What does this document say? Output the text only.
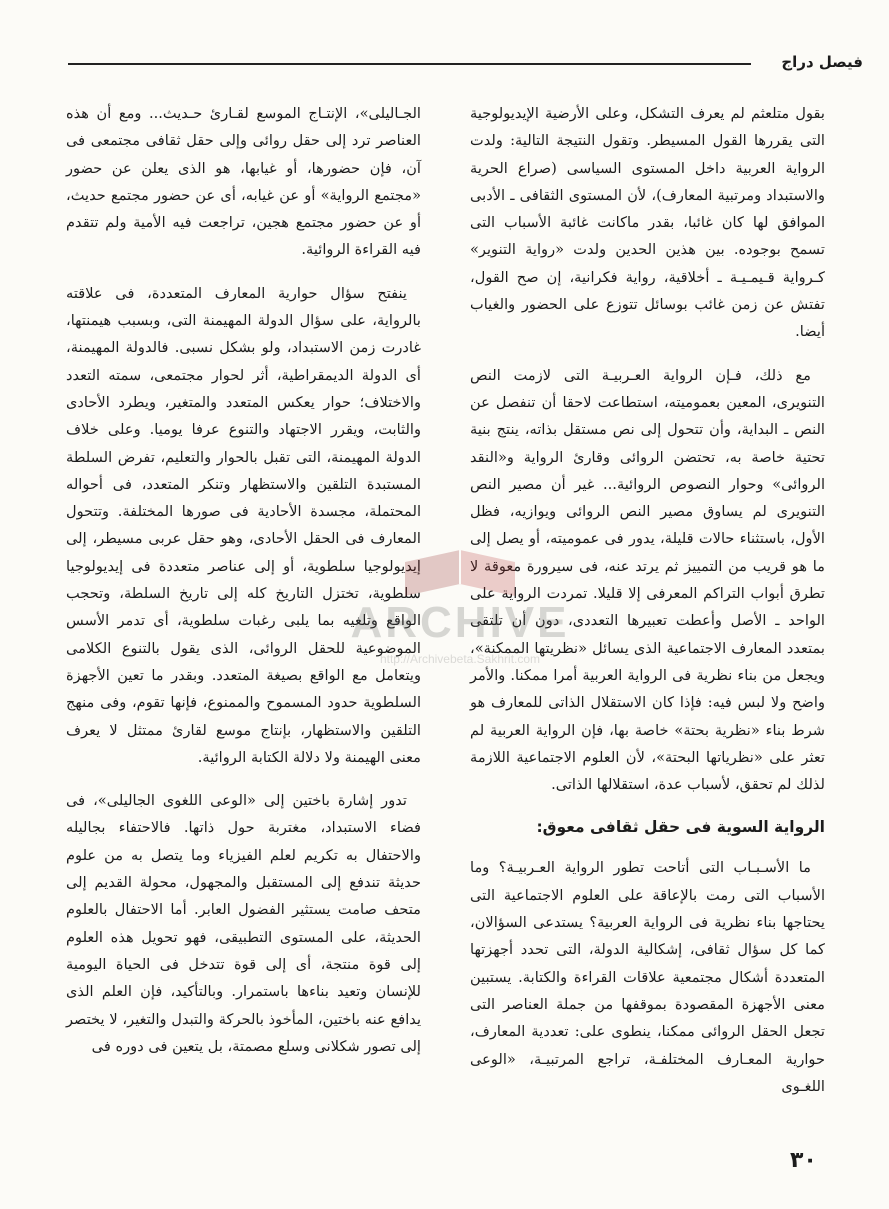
فيصل دراج

بقول متلعثم لم يعرف التشكل، وعلى الأرضية الإيديولوجية التى يقررها القول المسيطر. وتقول النتيجة التالية: ولدت الرواية العربية داخل المستوى السياسى (صراع الحرية والاستبداد ومرتبية المعارف)، لأن المستوى الثقافى ـ الأدبى الموافق لها كان غائبا، بقدر ماكانت غائبة الأسباب التى تسمح بوجوده. بين هذين الحدين ولدت «رواية التنوير» كـرواية قـيمـيـة ـ أخلاقية، رواية فكرانية، إن صح القول، تفتش عن زمن غائب بوسائل تتوزع على الحضور والغياب أيضا.

مع ذلك، فـإن الرواية العـربيـة التى لازمت النص التنويرى، المعين بعموميته، استطاعت لاحقا أن تنفصل عن النص ـ البداية، وأن تتحول إلى نص مستقل بذاته، ينتج بنية تحتية خاصة به، تحتضن الروائى وقارئ الرواية و«النقد الروائى» وحوار النصوص الروائية... غير أن مصير النص التنويرى لم يساوق مصير النص الروائى ويوازيه، فظل الأول، باستثناء حالات قليلة، يدور فى عموميته، أو يصل إلى ما هو قريب من التمييز ثم يرتد عنه، فى سيرورة معوقة لا تطرق أبواب التراكم المعرفى إلا قليلا. تمردت الرواية على الواحد ـ الأصل وأعطت تعبيرها التعددى، دون أن تلتقى بمتعدد المعارف الاجتماعية الذى يسائل «نظريتها الممكنة»، ويجعل من بناء نظرية فى الرواية العربية أمرا ممكنا. والأمر واضح ولا لبس فيه: فإذا كان الاستقلال الذاتى للمعارف هو شرط بناء «نظرية بحتة» خاصة بها، فإن الرواية العربية لم تعثر على «نظرياتها البحتة»، لأن العلوم الاجتماعية اللازمة لذلك لم تحقق، لأسباب عدة، استقلالها الذاتى.

الرواية السوية فى حقل ثقافى معوق:

ما الأسـبـاب التى أتاحت تطور الرواية العـربيـة؟ وما الأسباب التى رمت بالإعاقة على العلوم الاجتماعية التى يحتاجها بناء نظرية فى الرواية العربية؟ يستدعى السؤالان، كما كل سؤال ثقافى، إشكالية الدولة، التى تحدد أجهزتها المتعددة أشكال مجتمعية علاقات القراءة والكتابة. يستبين معنى الأجهزة المقصودة بموقفها من جملة العناصر التى تجعل الحقل الروائى ممكنا، ينطوى على: تعددية المعارف، حوارية المعـارف المختلفـة، تراجع المرتبيـة، «الوعى اللغـوى

الجـاليلى»، الإنتـاج الموسع لقـارئ حـديث... ومع أن هذه العناصر ترد إلى حقل روائى وإلى حقل ثقافى مجتمعى فى آن، فإن حضورها، أو غيابها، هو الذى يعلن عن حضور «مجتمع الرواية» أو عن غيابه، أى عن حضور مجتمع حديث، أو عن حضور مجتمع هجين، تراجعت فيه الأمية ولم تتقدم فيه القراءة الروائية.

ينفتح سؤال حوارية المعارف المتعددة، فى علاقته بالرواية، على سؤال الدولة المهيمنة التى، وبسبب هيمنتها، غادرت زمن الاستبداد، ولو بشكل نسبى. فالدولة المهيمنة، أى الدولة الديمقراطية، أثر لحوار مجتمعى، سمته التعدد والاختلاف؛ حوار يعكس المتعدد والمتغير، ويطرد الأحادى والثابت، ويقرر الاجتهاد والتنوع عرفا يوميا. وعلى خلاف الدولة المهيمنة، التى تقبل بالحوار والتعليم، تفرض السلطة المستبدة التلقين والاستظهار وتنكر المتعدد، فى أحواله المحتملة، مجسدة الأحادية فى صورها المختلفة. وتتحول المعارف فى الحقل الأحادى، وهو حقل عربى مسيطر، إلى إيديولوجيا سلطوية، أو إلى عناصر متعددة فى إيديولوجيا سلطوية، تختزل التاريخ كله إلى تاريخ السلطة، وتحجب الواقع وتلغيه بما يلبى رغبات سلطوية، أى تدمر الأسس الموضوعية للحقل الروائى، الذى يقول بالتنوع الكلامى ويتعامل مع الواقع بصيغة المتعدد. وبقدر ما تعين الأجهزة السلطوية حدود المسموح والممنوع، فإنها تقوم، وفى منهج التلقين والاستظهار، بإنتاج موسع لقارئ ممتثل لا يعرف معنى الهيمنة ولا دلالة الكتابة الروائية.

تدور إشارة باختين إلى «الوعى اللغوى الجاليلى»، فى فضاء الاستبداد، مغتربة حول ذاتها. فالاحتفاء بجاليله والاحتفال به تكريم لعلم الفيزياء وما يتصل به من علوم حديثة تندفع إلى المستقبل والمجهول، محولة القديم إلى متحف صامت يستثير الفضول العابر. أما الاحتفال بالعلوم الحديثة، على المستوى التطبيقى، فهو تحويل هذه العلوم إلى قوة منتجة، أى إلى قوة تتدخل فى الحياة اليومية للإنسان وتعيد بناءها باستمرار. وبالتأكيد، فإن العلم الذى يدافع عنه باختين، المأخوذ بالحركة والتبدل والتغير، لا يختصر إلى تصور شكلانى وسلع مصمتة، بل يتعين فى دوره فى

ARCHIVE
http://Archivebeta.Sakhrit.com
٣٠
